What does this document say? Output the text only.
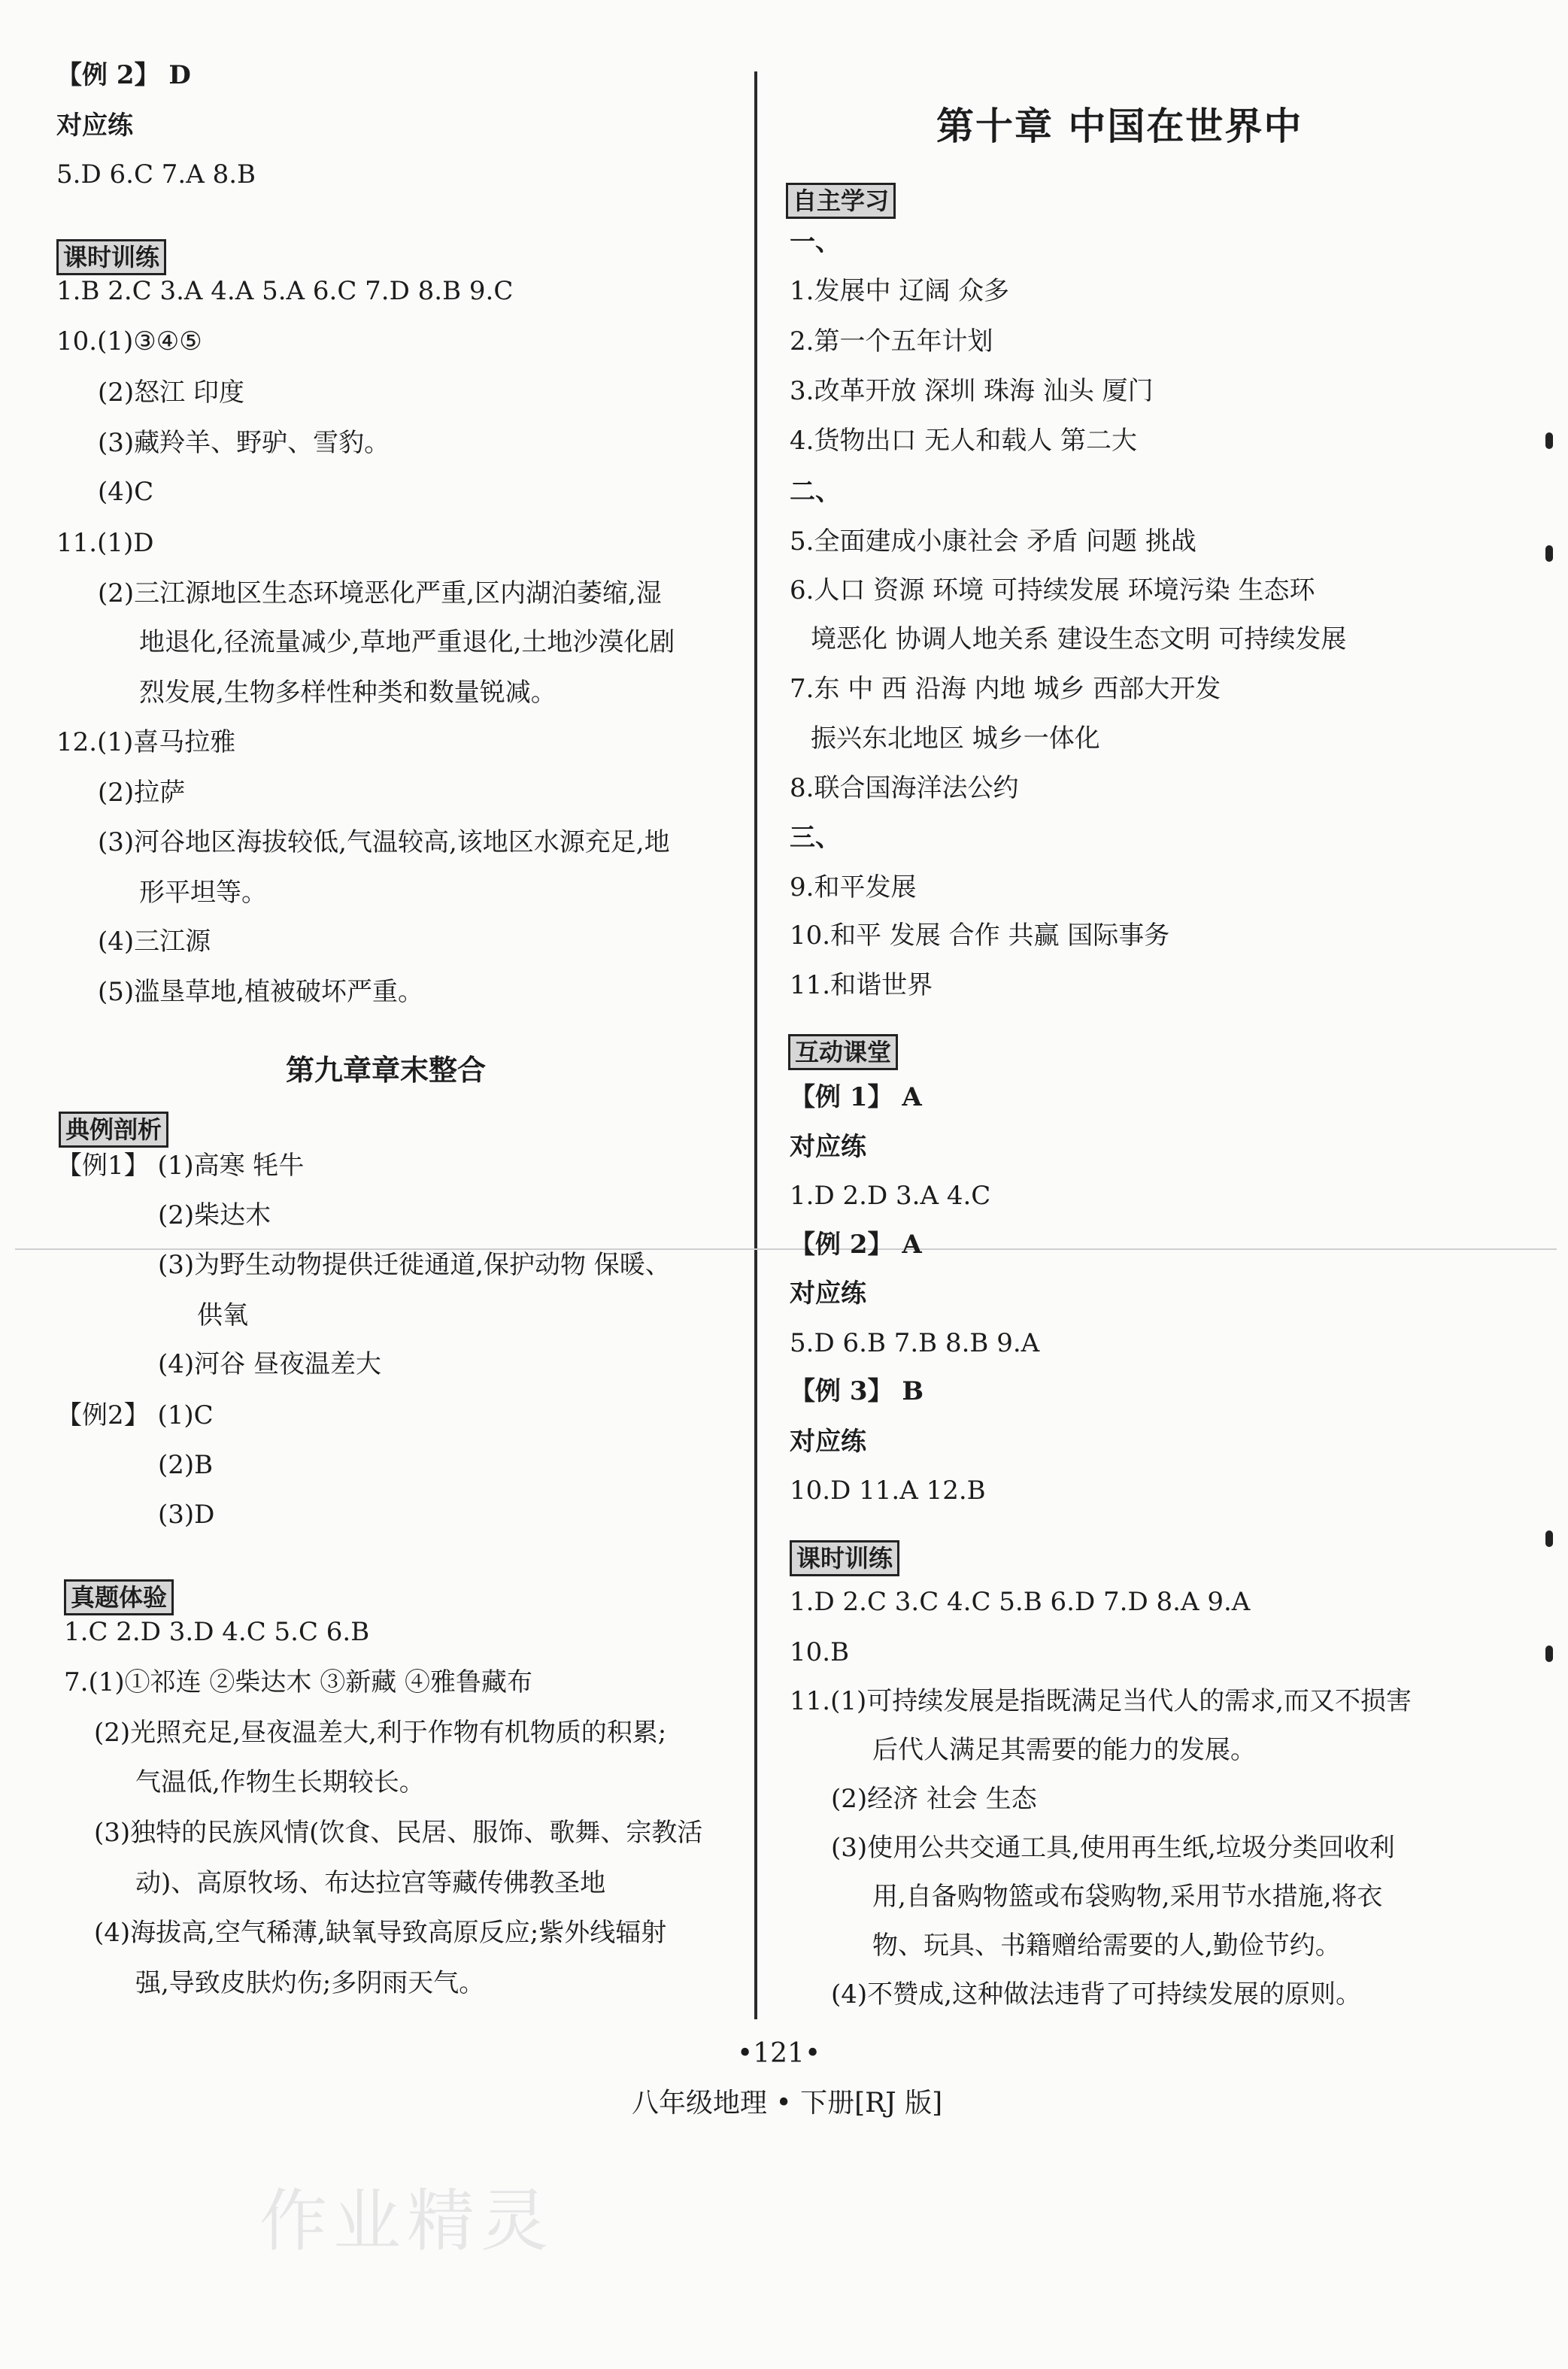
【例 2】 D
对应练
5.D 6.C 7.A 8.B
1.B 2.C 3.A 4.A 5.A 6.C 7.D 8.B 9.C
10.(1)③④⑤
(2)怒江 印度
(3)藏羚羊、野驴、雪豹。
(4)C
11.(1)D
(2)三江源地区生态环境恶化严重,区内湖泊萎缩,湿
地退化,径流量减少,草地严重退化,土地沙漠化剧
烈发展,生物多样性种类和数量锐减。
12.(1)喜马拉雅
(2)拉萨
(3)河谷地区海拔较低,气温较高,该地区水源充足,地
形平坦等。
(4)三江源
(5)滥垦草地,植被破坏严重。
【例1】 (1)高寒 牦牛
(2)柴达木
(3)为野生动物提供迁徙通道,保护动物 保暖、
供氧
(4)河谷 昼夜温差大
【例2】 (1)C
(2)B
(3)D
1.C 2.D 3.D 4.C 5.C 6.B
7.(1)①祁连 ②柴达木 ③新藏 ④雅鲁藏布
(2)光照充足,昼夜温差大,利于作物有机物质的积累;
气温低,作物生长期较长。
(3)独特的民族风情(饮食、民居、服饰、歌舞、宗教活
动)、高原牧场、布达拉宫等藏传佛教圣地
(4)海拔高,空气稀薄,缺氧导致高原反应;紫外线辐射
强,导致皮肤灼伤;多阴雨天气。
课时训练
典例剖析
真题体验
一、
1.发展中 辽阔 众多
2.第一个五年计划
3.改革开放 深圳 珠海 汕头 厦门
4.货物出口 无人和载人 第二大
二、
5.全面建成小康社会 矛盾 问题 挑战
6.人口 资源 环境 可持续发展 环境污染 生态环
境恶化 协调人地关系 建设生态文明 可持续发展
7.东 中 西 沿海 内地 城乡 西部大开发
振兴东北地区 城乡一体化
8.联合国海洋法公约
三、
9.和平发展
10.和平 发展 合作 共赢 国际事务
11.和谐世界
【例 1】 A
对应练
1.D 2.D 3.A 4.C
【例 2】 A
对应练
5.D 6.B 7.B 8.B 9.A
【例 3】 B
对应练
10.D 11.A 12.B
1.D 2.C 3.C 4.C 5.B 6.D 7.D 8.A 9.A
10.B
11.(1)可持续发展是指既满足当代人的需求,而又不损害
后代人满足其需要的能力的发展。
(2)经济 社会 生态
(3)使用公共交通工具,使用再生纸,垃圾分类回收利
用,自备购物篮或布袋购物,采用节水措施,将衣
物、玩具、书籍赠给需要的人,勤俭节约。
(4)不赞成,这种做法违背了可持续发展的原则。
自主学习
互动课堂
课时训练
第九章章末整合
第十章 中国在世界中
•121•
八年级地理 • 下册[RJ 版]
作业精灵
